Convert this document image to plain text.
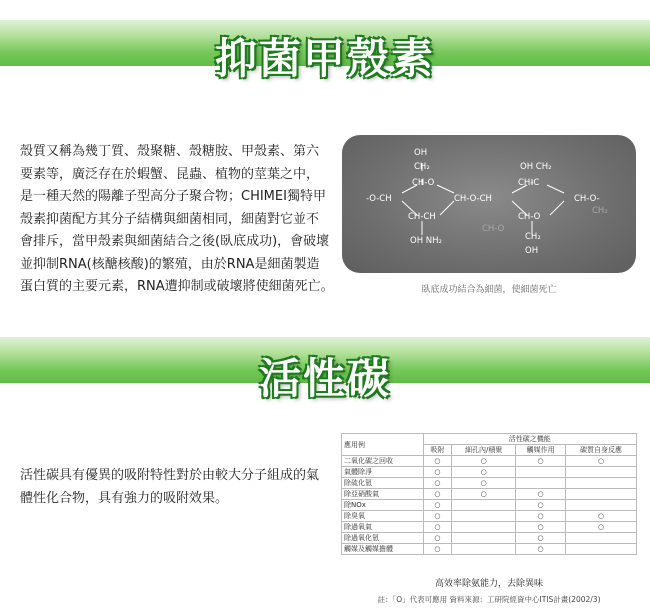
抑菌甲殼素
殼質又稱為幾丁質、殼聚糖、殼糖胺、甲殼素、第六
要素等，廣泛存在於蝦蟹、昆蟲、植物的莖葉之中，
是一種天然的陽離子型高分子聚合物；CHIMEI獨特甲
殼素抑菌配方其分子結構與細菌相同，細菌對它並不
會排斥，當甲殼素與細菌結合之後(臥底成功)，會破壞
並抑制RNA(核醣核酸)的繁殖，由於RNA是細菌製造
蛋白質的主要元素，RNA遭抑制或破壞將使細菌死亡。
OH
CH₂
CH-O
OH CH₂
CH-C
-O-CH	CH-O-CH	CH-O-
CH-CH	CH-O
OH NH₂	CH₂
OH
CH₂
CH-O
臥底成功結合為細菌，使細菌死亡
活性碳
活性碳具有優異的吸附特性對於由較大分子組成的氣
體性化合物，具有強力的吸附效果。
應用例	活性碳之機能			
	吸附	細孔內/積聚	觸媒作用	碳質自身反應
二氧化碳之回收	○	○	○	○
氣體除淨	○	○		
除硫化氫	○	○		
除亞硝酸氣	○	○	○	
除NOx	○		○	
除臭氧	○		○	○
除過氧氣	○		○	○
除過氧化氫	○		○	
觸媒及觸媒擔體	○		○	
高效率除氨能力，去除異味
註：「O」代表可應用 資料來源：工研院經資中心ITIS計畫(2002/3)
